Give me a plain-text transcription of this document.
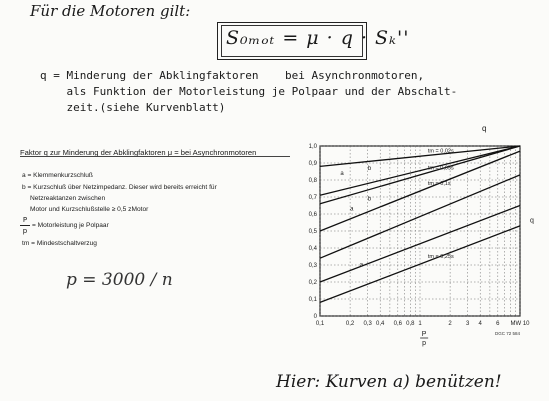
Für die Motoren gilt:
S₀ₘₒₜ = μ · q · Sₖ''
q = Minderung der Abklingfaktoren    bei Asynchronmotoren,
als Funktion der Motorleistung je Polpaar und der Abschalt-
zeit.(siehe Kurvenblatt)
Faktor q zur Minderung der Abklingfaktoren μ = bei Asynchronmotoren
a = Klemmenkurzschluß
b = Kurzschluß über Netzimpedanz. Dieser wird bereits erreicht für
Netzreaktanzen zwischen
Motor und Kurzschlußstelle ≥ 0,5 zMotor
P
p
= Motorleistung je Polpaar
tm = Mindestschaltverzug
p = 3000 / n
q
tm = 0,02s
tm = 0,05s
tm = 0,1s
tm = 0,25s
a
b
a
b
a
1,0
0,9
0,8
0,7
0,6
0,5
0,4
0,3
0,2
0,1
0
0,1	0,2 0,3 0,4 0,6 0,8 1	2 3 4 6 MW 10
q
P
p
DGC 72 584
Hier: Kurven a) benützen!
